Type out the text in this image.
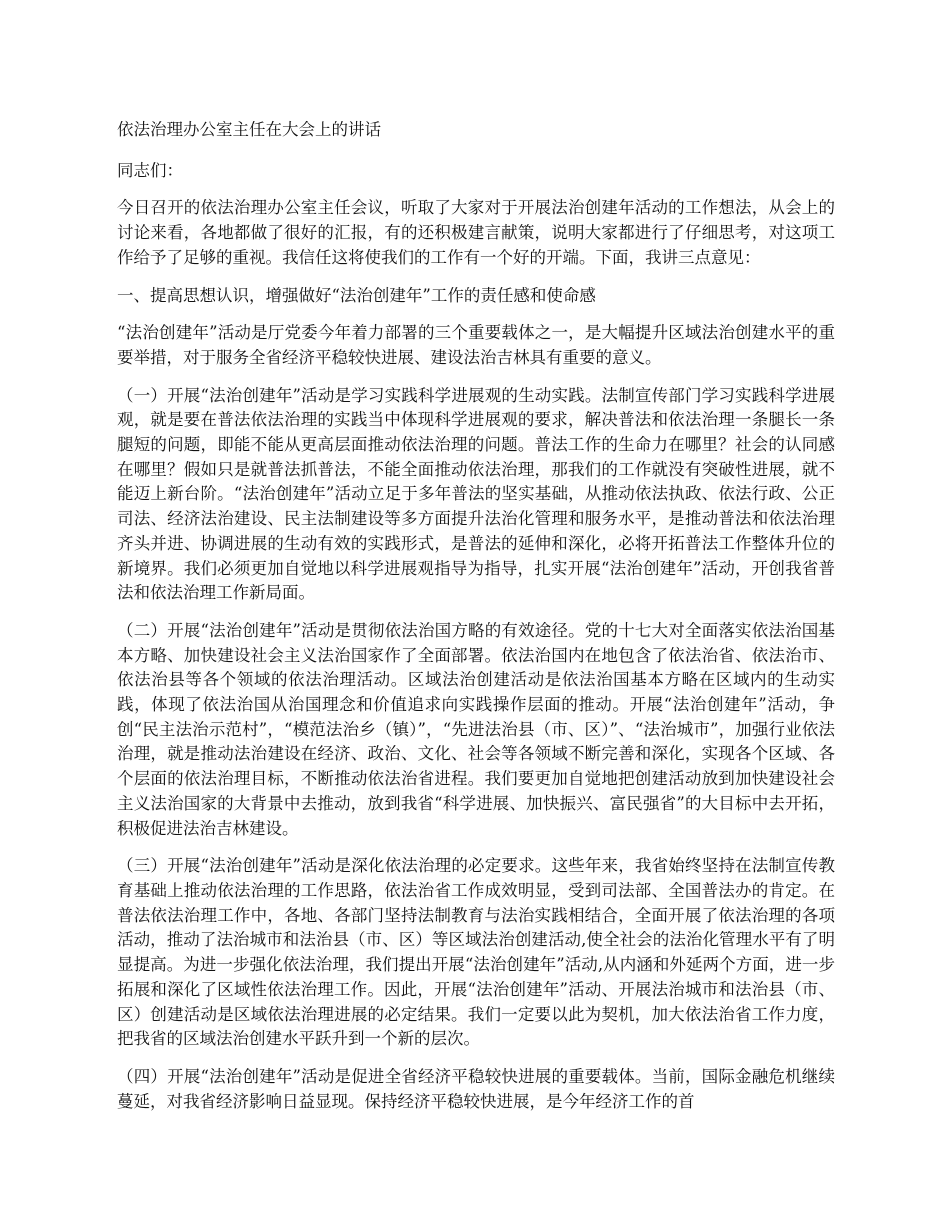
依法治理办公室主任在大会上的讲话

同志们：

今日召开的依法治理办公室主任会议，听取了大家对于开展法治创建年活动的工作想法，从会上的讨论来看，各地都做了很好的汇报，有的还积极建言献策，说明大家都进行了仔细思考，对这项工作给予了足够的重视。我信任这将使我们的工作有一个好的开端。下面，我讲三点意见：

一、提高思想认识，增强做好“法治创建年”工作的责任感和使命感

“法治创建年”活动是厅党委今年着力部署的三个重要载体之一，是大幅提升区域法治创建水平的重要举措，对于服务全省经济平稳较快进展、建设法治吉林具有重要的意义。

（一）开展“法治创建年”活动是学习实践科学进展观的生动实践。法制宣传部门学习实践科学进展观，就是要在普法依法治理的实践当中体现科学进展观的要求，解决普法和依法治理一条腿长一条腿短的问题，即能不能从更高层面推动依法治理的问题。普法工作的生命力在哪里？社会的认同感在哪里？假如只是就普法抓普法，不能全面推动依法治理，那我们的工作就没有突破性进展，就不能迈上新台阶。“法治创建年”活动立足于多年普法的坚实基础，从推动依法执政、依法行政、公正司法、经济法治建设、民主法制建设等多方面提升法治化管理和服务水平，是推动普法和依法治理齐头并进、协调进展的生动有效的实践形式，是普法的延伸和深化，必将开拓普法工作整体升位的新境界。我们必须更加自觉地以科学进展观指导为指导，扎实开展“法治创建年”活动，开创我省普法和依法治理工作新局面。

（二）开展“法治创建年”活动是贯彻依法治国方略的有效途径。党的十七大对全面落实依法治国基本方略、加快建设社会主义法治国家作了全面部署。依法治国内在地包含了依法治省、依法治市、依法治县等各个领域的依法治理活动。区域法治创建活动是依法治国基本方略在区域内的生动实践，体现了依法治国从治国理念和价值追求向实践操作层面的推动。开展“法治创建年”活动，争创“民主法治示范村”，“模范法治乡（镇）”，“先进法治县（市、区）”、“法治城市”，加强行业依法治理，就是推动法治建设在经济、政治、文化、社会等各领域不断完善和深化，实现各个区域、各个层面的依法治理目标，不断推动依法治省进程。我们要更加自觉地把创建活动放到加快建设社会主义法治国家的大背景中去推动，放到我省“科学进展、加快振兴、富民强省”的大目标中去开拓，积极促进法治吉林建设。

（三）开展“法治创建年”活动是深化依法治理的必定要求。这些年来，我省始终坚持在法制宣传教育基础上推动依法治理的工作思路，依法治省工作成效明显，受到司法部、全国普法办的肯定。在普法依法治理工作中，各地、各部门坚持法制教育与法治实践相结合，全面开展了依法治理的各项活动，推动了法治城市和法治县（市、区）等区域法治创建活动,使全社会的法治化管理水平有了明显提高。为进一步强化依法治理，我们提出开展“法治创建年”活动,从内涵和外延两个方面，进一步拓展和深化了区域性依法治理工作。因此，开展“法治创建年”活动、开展法治城市和法治县（市、区）创建活动是区域依法治理进展的必定结果。我们一定要以此为契机，加大依法治省工作力度，把我省的区域法治创建水平跃升到一个新的层次。

（四）开展“法治创建年”活动是促进全省经济平稳较快进展的重要载体。当前，国际金融危机继续蔓延，对我省经济影响日益显现。保持经济平稳较快进展，是今年经济工作的首
